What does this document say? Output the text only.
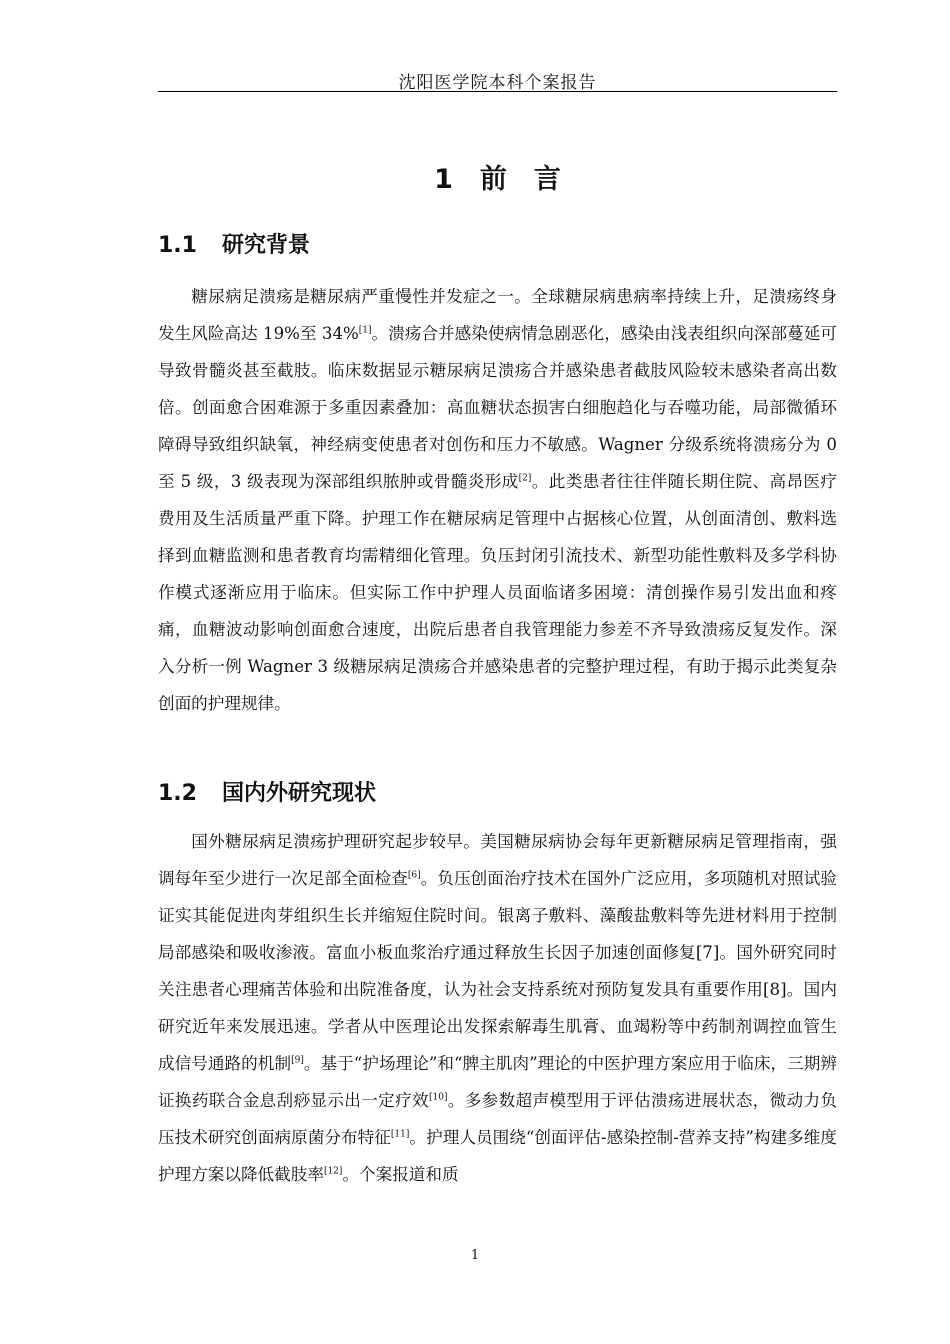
沈阳医学院本科个案报告
1　前　言
1.1 研究背景
糖尿病足溃疡是糖尿病严重慢性并发症之一。全球糖尿病患病率持续上升，足溃疡终身发生风险高达 19%至 34%[1]。溃疡合并感染使病情急剧恶化，感染由浅表组织向深部蔓延可导致骨髓炎甚至截肢。临床数据显示糖尿病足溃疡合并感染患者截肢风险较未感染者高出数倍。创面愈合困难源于多重因素叠加：高血糖状态损害白细胞趋化与吞噬功能，局部微循环障碍导致组织缺氧，神经病变使患者对创伤和压力不敏感。Wagner 分级系统将溃疡分为 0 至 5 级，3 级表现为深部组织脓肿或骨髓炎形成[2]。此类患者往往伴随长期住院、高昂医疗费用及生活质量严重下降。护理工作在糖尿病足管理中占据核心位置，从创面清创、敷料选择到血糖监测和患者教育均需精细化管理。负压封闭引流技术、新型功能性敷料及多学科协作模式逐渐应用于临床。但实际工作中护理人员面临诸多困境：清创操作易引发出血和疼痛，血糖波动影响创面愈合速度，出院后患者自我管理能力参差不齐导致溃疡反复发作。深入分析一例 Wagner 3 级糖尿病足溃疡合并感染患者的完整护理过程，有助于揭示此类复杂创面的护理规律。
1.2 国内外研究现状
国外糖尿病足溃疡护理研究起步较早。美国糖尿病协会每年更新糖尿病足管理指南，强调每年至少进行一次足部全面检查[6]。负压创面治疗技术在国外广泛应用，多项随机对照试验证实其能促进肉芽组织生长并缩短住院时间。银离子敷料、藻酸盐敷料等先进材料用于控制局部感染和吸收渗液。富血小板血浆治疗通过释放生长因子加速创面修复[7]。国外研究同时关注患者心理痛苦体验和出院准备度，认为社会支持系统对预防复发具有重要作用[8]。国内研究近年来发展迅速。学者从中医理论出发探索解毒生肌膏、血竭粉等中药制剂调控血管生成信号通路的机制[9]。基于“护场理论”和“脾主肌肉”理论的中医护理方案应用于临床，三期辨证换药联合金息刮痧显示出一定疗效[10]。多参数超声模型用于评估溃疡进展状态，微动力负压技术研究创面病原菌分布特征[11]。护理人员围绕“创面评估-感染控制-营养支持”构建多维度护理方案以降低截肢率[12]。个案报道和质
1
